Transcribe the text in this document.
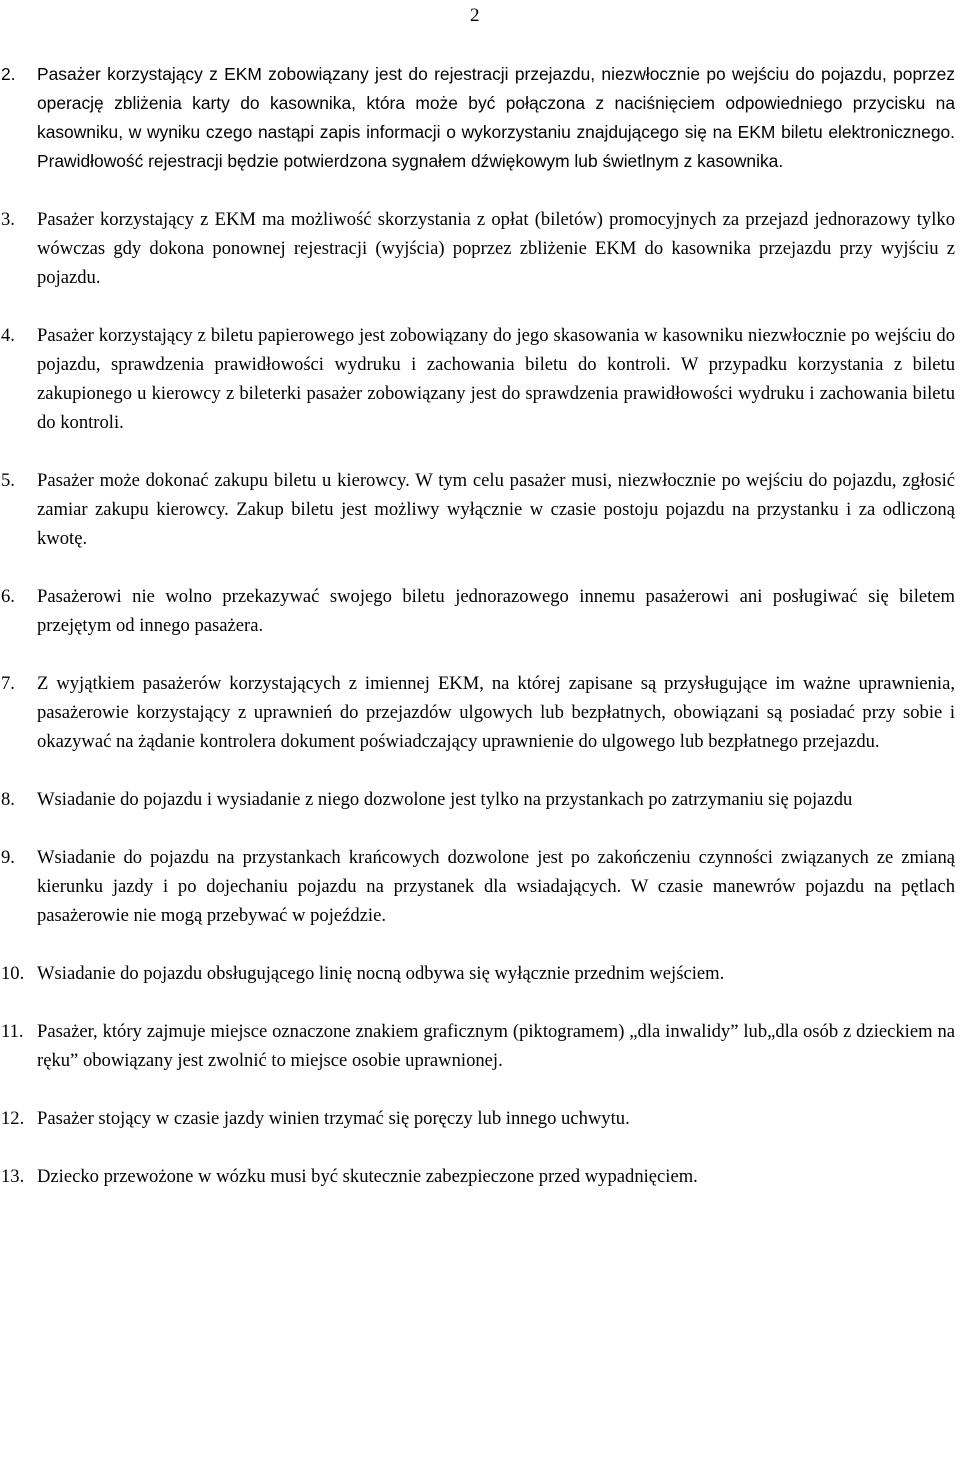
2
2.	Pasażer korzystający z EKM zobowiązany jest do rejestracji przejazdu, niezwłocznie po wejściu do pojazdu, poprzez operację zbliżenia karty do kasownika, która może być połączona z naciśnięciem odpowiedniego przycisku na kasowniku, w wyniku czego nastąpi zapis informacji o wykorzystaniu znajdującego się na EKM biletu elektronicznego. Prawidłowość rejestracji będzie potwierdzona sygnałem dźwiękowym lub świetlnym z kasownika.
3.	Pasażer korzystający z EKM ma możliwość skorzystania z opłat (biletów) promocyjnych za przejazd jednorazowy tylko wówczas gdy dokona ponownej rejestracji (wyjścia) poprzez zbliżenie EKM do kasownika przejazdu przy wyjściu z pojazdu.
4.	Pasażer korzystający z biletu papierowego jest zobowiązany do jego skasowania w kasowniku niezwłocznie po wejściu do pojazdu, sprawdzenia prawidłowości wydruku i zachowania biletu do kontroli. W przypadku korzystania z biletu zakupionego u kierowcy z bileterki pasażer zobowiązany jest do sprawdzenia prawidłowości wydruku i zachowania biletu do kontroli.
5.	Pasażer może dokonać zakupu biletu u kierowcy. W tym celu pasażer musi, niezwłocznie po wejściu do pojazdu, zgłosić zamiar zakupu kierowcy. Zakup biletu jest możliwy wyłącznie w czasie postoju pojazdu na przystanku i za odliczoną kwotę.
6.	Pasażerowi nie wolno przekazywać swojego biletu jednorazowego innemu pasażerowi ani posługiwać się biletem przejętym od innego pasażera.
7.	Z wyjątkiem pasażerów korzystających z imiennej EKM, na której zapisane są przysługujące im ważne uprawnienia, pasażerowie korzystający z uprawnień do przejazdów ulgowych lub bezpłatnych, obowiązani są posiadać przy sobie i okazywać na żądanie kontrolera dokument poświadczający uprawnienie do ulgowego lub bezpłatnego przejazdu.
8.	Wsiadanie do pojazdu i wysiadanie z niego dozwolone jest tylko na przystankach po zatrzymaniu się pojazdu
9.	Wsiadanie do pojazdu na przystankach krańcowych dozwolone jest po zakończeniu czynności związanych ze zmianą kierunku jazdy i po dojechaniu pojazdu na przystanek dla wsiadających. W czasie manewrów pojazdu na pętlach pasażerowie nie mogą przebywać w pojeździe.
10. Wsiadanie do pojazdu obsługującego linię nocną odbywa się wyłącznie przednim wejściem.
11. Pasażer, który zajmuje miejsce oznaczone znakiem graficznym (piktogramem) „dla inwalidy” lub„dla osób z dzieckiem na ręku” obowiązany jest zwolnić to miejsce osobie uprawnionej.
12. Pasażer stojący w czasie jazdy winien trzymać się poręczy lub innego uchwytu.
13. Dziecko przewożone w wózku musi być skutecznie zabezpieczone przed wypadnięciem.
